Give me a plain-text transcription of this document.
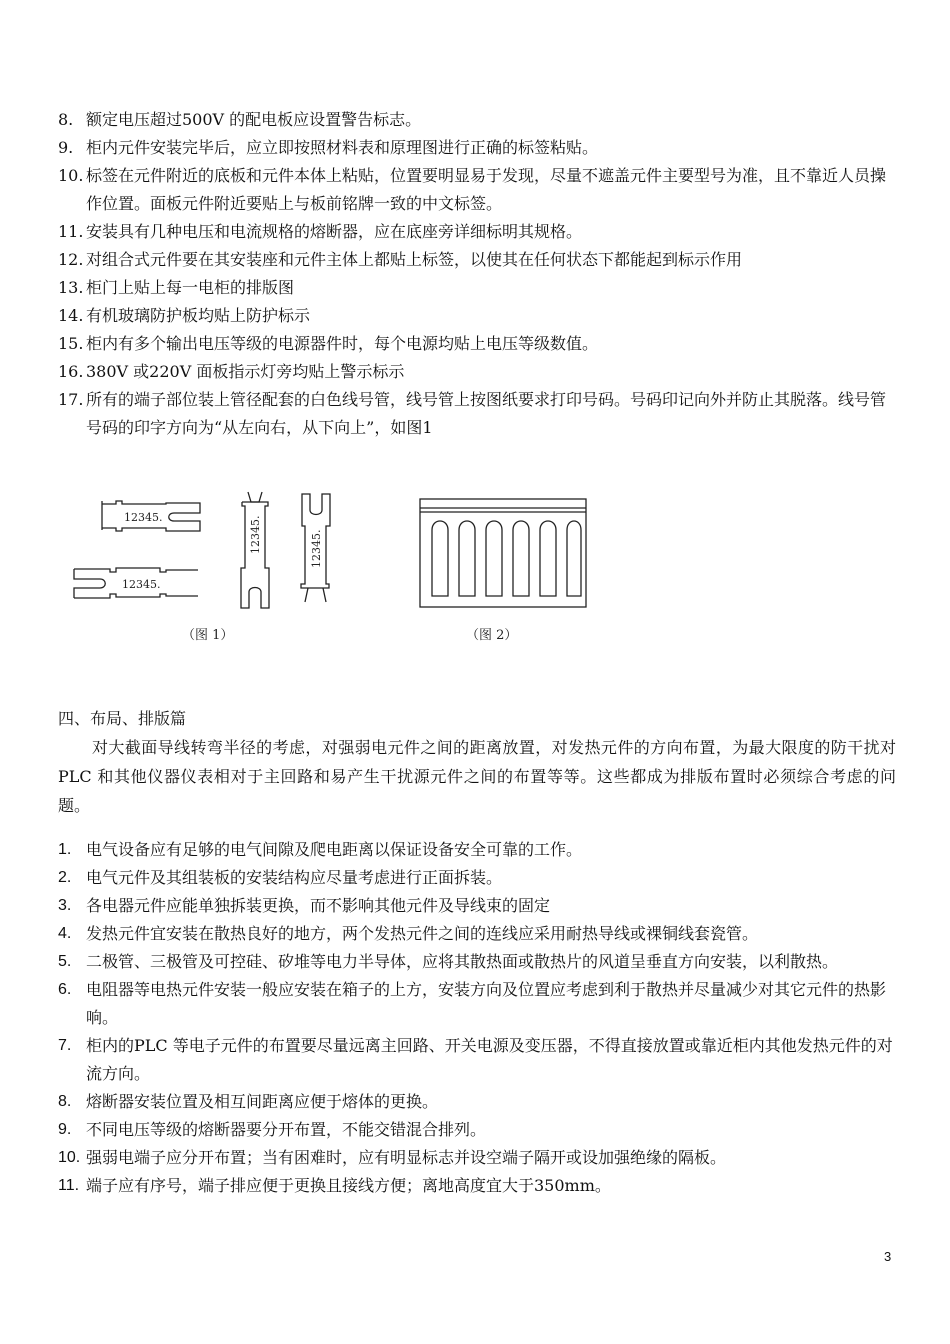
8. 额定电压超过500V 的配电板应设置警告标志。
9. 柜内元件安装完毕后，应立即按照材料表和原理图进行正确的标签粘贴。
10. 标签在元件附近的底板和元件本体上粘贴，位置要明显易于发现，尽量不遮盖元件主要型号为准，且不靠近人员操作位置。面板元件附近要贴上与板前铭牌一致的中文标签。
11. 安装具有几种电压和电流规格的熔断器，应在底座旁详细标明其规格。
12. 对组合式元件要在其安装座和元件主体上都贴上标签，以使其在任何状态下都能起到标示作用
13. 柜门上贴上每一电柜的排版图
14. 有机玻璃防护板均贴上防护标示
15. 柜内有多个输出电压等级的电源器件时，每个电源均贴上电压等级数值。
16. 380V 或220V 面板指示灯旁均贴上警示标示
17. 所有的端子部位装上管径配套的白色线号管，线号管上按图纸要求打印号码。号码印记向外并防止其脱落。线号管号码的印字方向为“从左向右，从下向上”，如图1
12345.
12345.
12345.	12345.
（图 1）	（图 2）
四、布局、排版篇

对大截面导线转弯半径的考虑，对强弱电元件之间的距离放置，对发热元件的方向布置，为最大限度的防干扰对PLC 和其他仪器仪表相对于主回路和易产生干扰源元件之间的布置等等。这些都成为排版布置时必须综合考虑的问题。

1. 电气设备应有足够的电气间隙及爬电距离以保证设备安全可靠的工作。
2. 电气元件及其组装板的安装结构应尽量考虑进行正面拆装。
3. 各电器元件应能单独拆装更换，而不影响其他元件及导线束的固定
4. 发热元件宜安装在散热良好的地方，两个发热元件之间的连线应采用耐热导线或裸铜线套瓷管。
5. 二极管、三极管及可控硅、矽堆等电力半导体，应将其散热面或散热片的风道呈垂直方向安装，以利散热。
6. 电阻器等电热元件安装一般应安装在箱子的上方，安装方向及位置应考虑到利于散热并尽量减少对其它元件的热影响。
7. 柜内的PLC 等电子元件的布置要尽量远离主回路、开关电源及变压器，不得直接放置或靠近柜内其他发热元件的对流方向。
8. 熔断器安装位置及相互间距离应便于熔体的更换。
9. 不同电压等级的熔断器要分开布置，不能交错混合排列。
10. 强弱电端子应分开布置；当有困难时，应有明显标志并设空端子隔开或设加强绝缘的隔板。
11. 端子应有序号，端子排应便于更换且接线方便；离地高度宜大于350mm。
3
